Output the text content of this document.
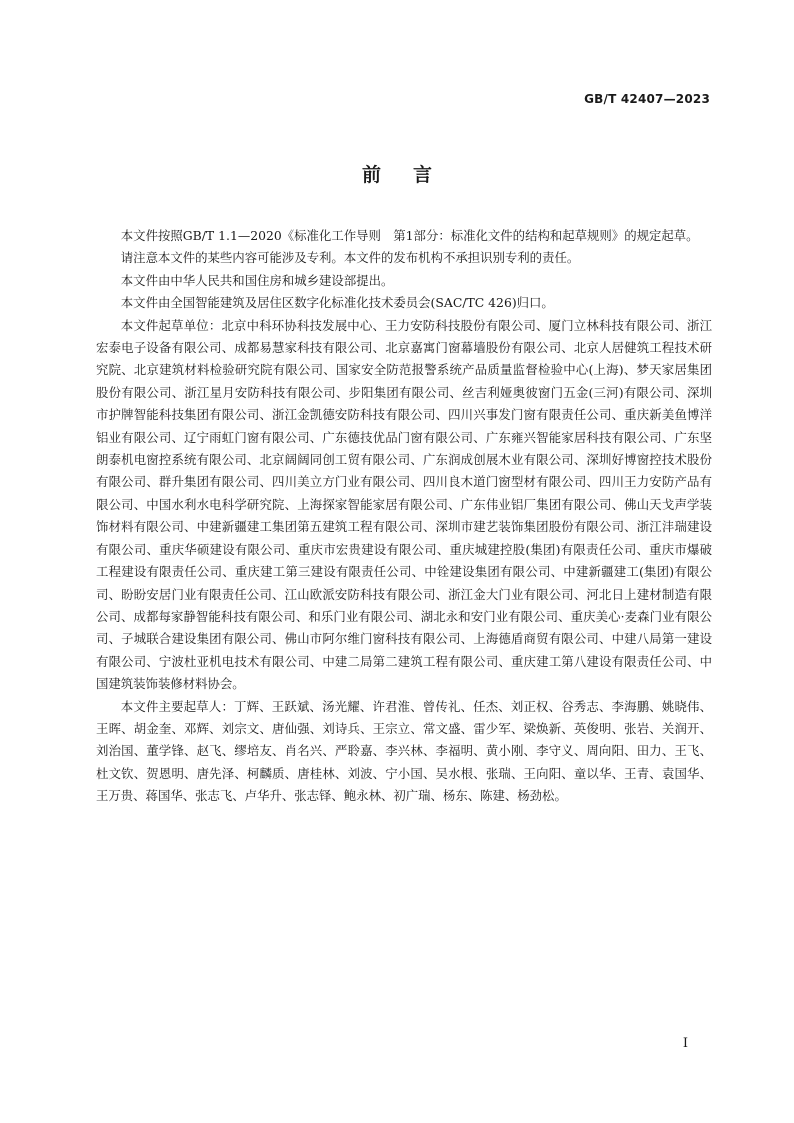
GB/T 42407—2023
前言

本文件按照GB/T 1.1—2020《标准化工作导则　第1部分：标准化文件的结构和起草规则》的规定起草。

请注意本文件的某些内容可能涉及专利。本文件的发布机构不承担识别专利的责任。

本文件由中华人民共和国住房和城乡建设部提出。

本文件由全国智能建筑及居住区数字化标准化技术委员会(SAC/TC 426)归口。

本文件起草单位：北京中科环协科技发展中心、王力安防科技股份有限公司、厦门立林科技有限公司、浙江宏泰电子设备有限公司、成都易慧家科技有限公司、北京嘉寓门窗幕墙股份有限公司、北京人居健筑工程技术研究院、北京建筑材料检验研究院有限公司、国家安全防范报警系统产品质量监督检验中心(上海)、梦天家居集团股份有限公司、浙江星月安防科技有限公司、步阳集团有限公司、丝吉利娅奥彼窗门五金(三河)有限公司、深圳市护牌智能科技集团有限公司、浙江金凯德安防科技有限公司、四川兴事发门窗有限责任公司、重庆新美鱼博洋铝业有限公司、辽宁雨虹门窗有限公司、广东德技优品门窗有限公司、广东雍兴智能家居科技有限公司、广东坚朗泰机电窗控系统有限公司、北京阔阔同创工贸有限公司、广东润成创展木业有限公司、深圳好博窗控技术股份有限公司、群升集团有限公司、四川美立方门业有限公司、四川良木道门窗型材有限公司、四川王力安防产品有限公司、中国水利水电科学研究院、上海探家智能家居有限公司、广东伟业铝厂集团有限公司、佛山天戈声学装饰材料有限公司、中建新疆建工集团第五建筑工程有限公司、深圳市建艺装饰集团股份有限公司、浙江沣瑞建设有限公司、重庆华硕建设有限公司、重庆市宏贵建设有限公司、重庆城建控股(集团)有限责任公司、重庆市爆破工程建设有限责任公司、重庆建工第三建设有限责任公司、中铨建设集团有限公司、中建新疆建工(集团)有限公司、盼盼安居门业有限责任公司、江山欧派安防科技有限公司、浙江金大门业有限公司、河北日上建材制造有限公司、成都每家静智能科技有限公司、和乐门业有限公司、湖北永和安门业有限公司、重庆美心·麦森门业有限公司、子城联合建设集团有限公司、佛山市阿尔维门窗科技有限公司、上海德盾商贸有限公司、中建八局第一建设有限公司、宁波杜亚机电技术有限公司、中建二局第二建筑工程有限公司、重庆建工第八建设有限责任公司、中国建筑装饰装修材料协会。

本文件主要起草人：丁辉、王跃斌、汤光耀、许君淮、曾传礼、任杰、刘正权、谷秀志、李海鹏、姚晓伟、王晖、胡金奎、邓辉、刘宗文、唐仙强、刘诗兵、王宗立、常文盛、雷少军、梁焕新、英俊明、张岩、关润开、刘治国、董学锋、赵飞、缪培友、肖名兴、严聆嘉、李兴林、李福明、黄小刚、李守义、周向阳、田力、王飞、杜文钦、贺恩明、唐先泽、柯麟质、唐桂林、刘波、宁小国、吴水根、张瑞、王向阳、童以华、王青、袁国华、王万贵、蒋国华、张志飞、卢华升、张志铎、鲍永林、初广瑞、杨东、陈建、杨劲松。

I
